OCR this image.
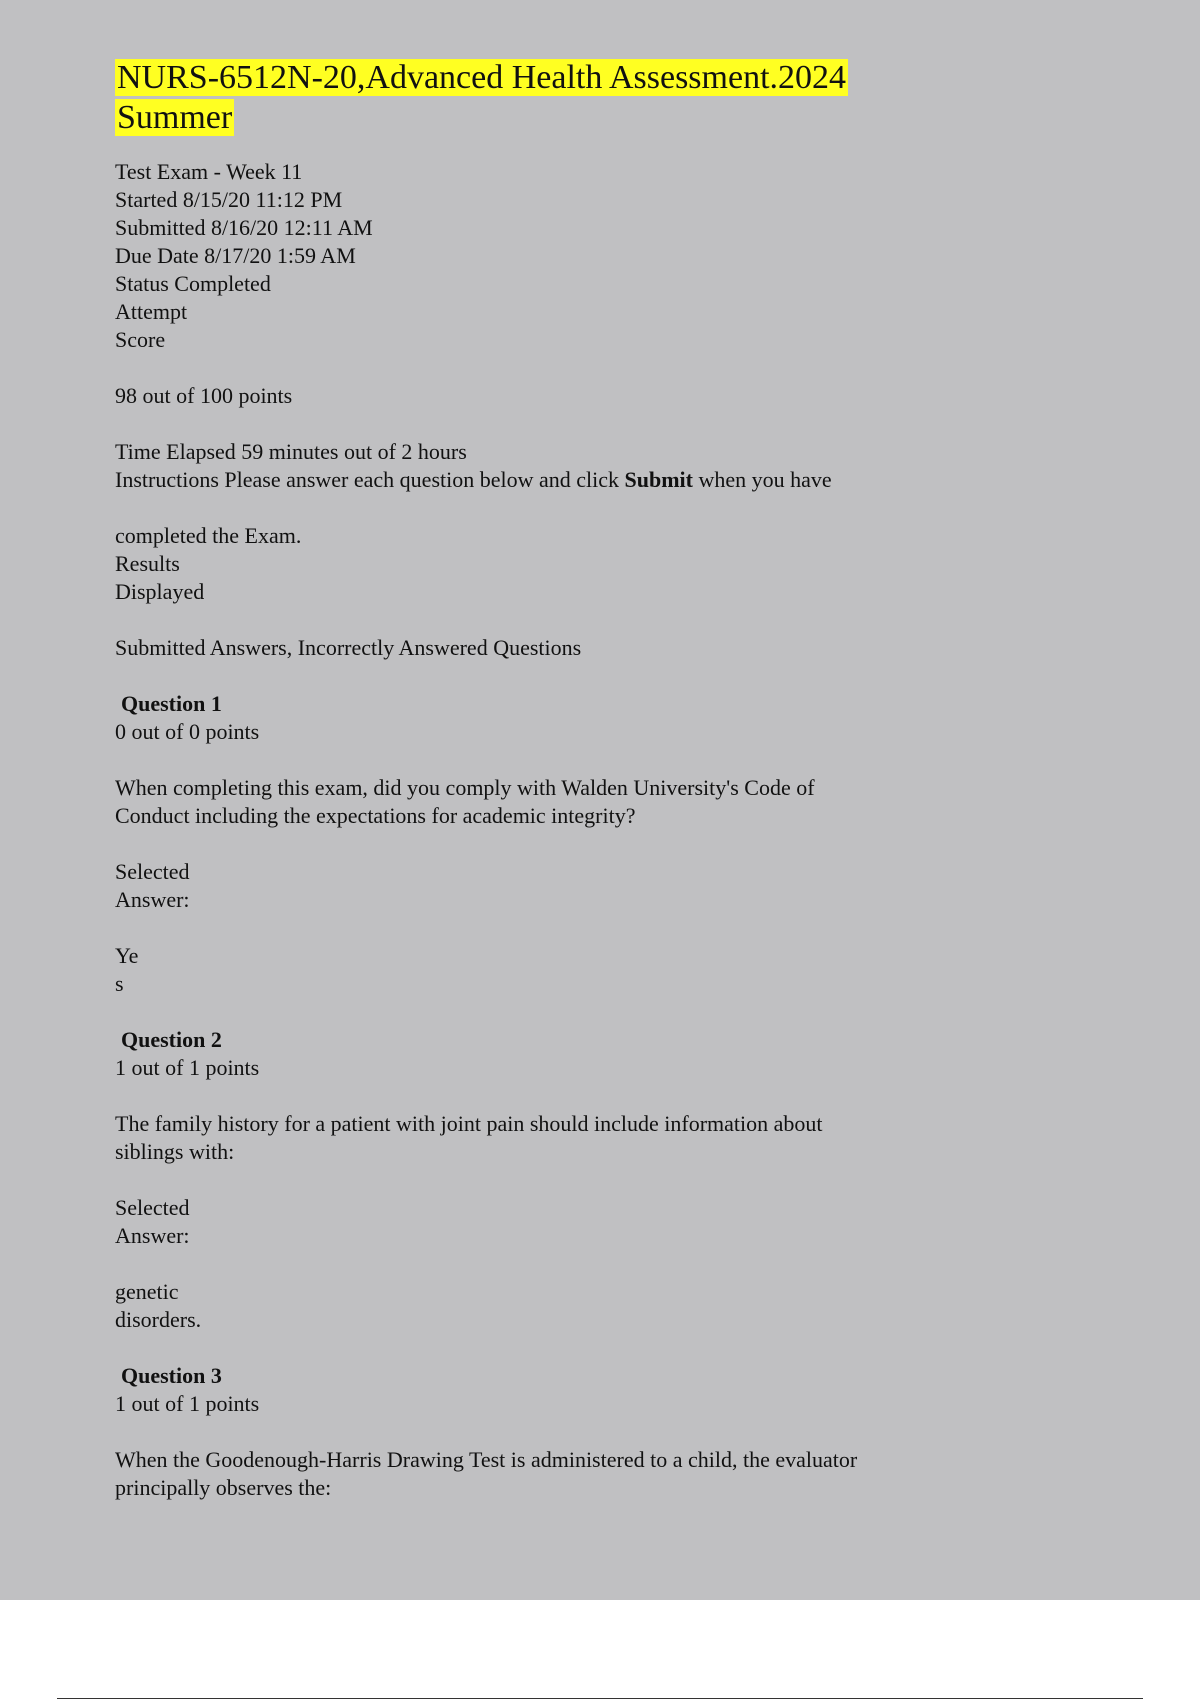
NURS-6512N-20,Advanced Health Assessment.2024 Summer
Test Exam - Week 11
Started 8/15/20 11:12 PM
Submitted 8/16/20 12:11 AM
Due Date 8/17/20 1:59 AM
Status Completed
Attempt
Score
98 out of 100 points
Time Elapsed 59 minutes out of 2 hours
Instructions Please answer each question below and click Submit when you have
completed the Exam.
Results
Displayed
Submitted Answers, Incorrectly Answered Questions
Question 1
0 out of 0 points
When completing this exam, did you comply with Walden University's Code of
Conduct including the expectations for academic integrity?
Selected
Answer:
Ye
s
Question 2
1 out of 1 points
The family history for a patient with joint pain should include information about
siblings with:
Selected
Answer:
genetic
disorders.
Question 3
1 out of 1 points
When the Goodenough-Harris Drawing Test is administered to a child, the evaluator
principally observes the:
